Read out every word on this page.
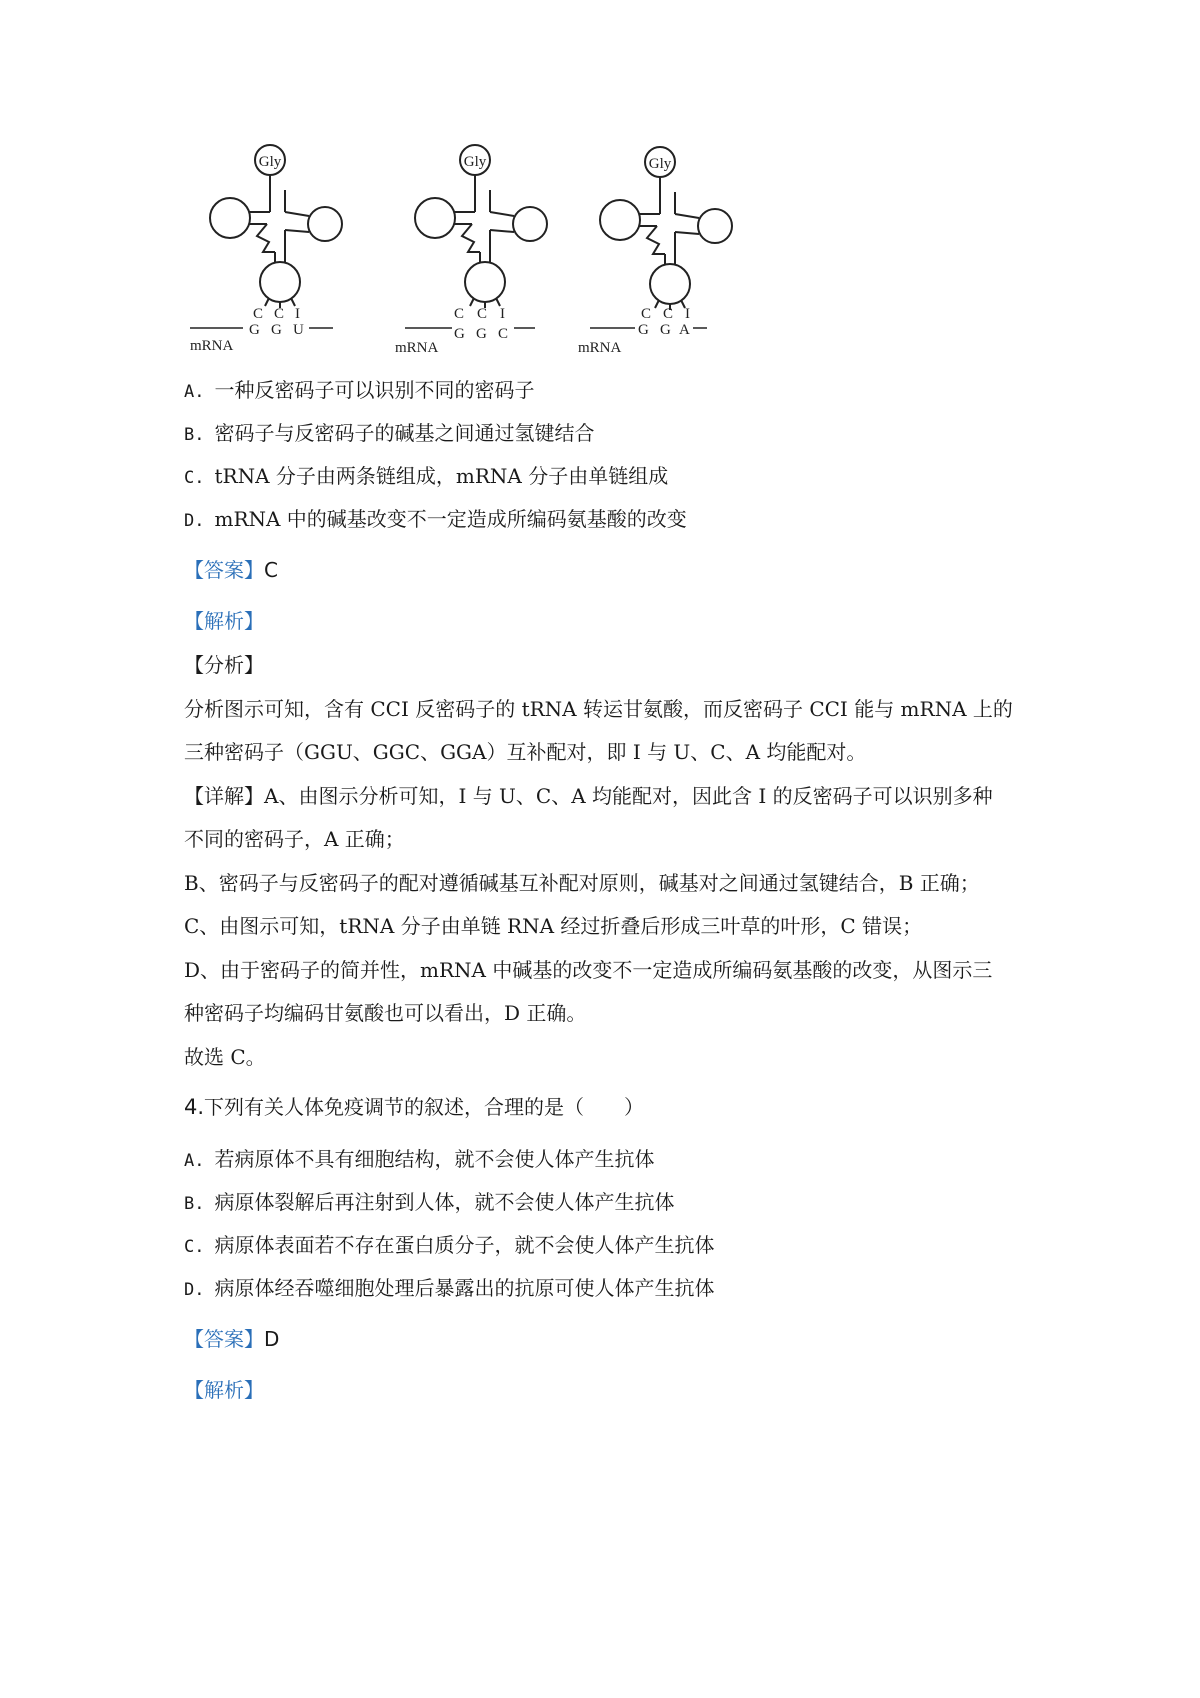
Gly
C C I
G G U
mRNA
Gly
C C I
G G C
mRNA
Gly
C C I
G G A
mRNA
A. 一种反密码子可以识别不同的密码子
B. 密码子与反密码子的碱基之间通过氢键结合
C. tRNA 分子由两条链组成，mRNA 分子由单链组成
D. mRNA 中的碱基改变不一定造成所编码氨基酸的改变
【答案】C
【解析】
【分析】
分析图示可知，含有 CCI 反密码子的 tRNA 转运甘氨酸，而反密码子 CCI 能与 mRNA 上的
三种密码子（GGU、GGC、GGA）互补配对，即 I 与 U、C、A 均能配对。
【详解】A、由图示分析可知，I 与 U、C、A 均能配对，因此含 I 的反密码子可以识别多种
不同的密码子，A 正确；
B、密码子与反密码子的配对遵循碱基互补配对原则，碱基对之间通过氢键结合，B 正确；
C、由图示可知，tRNA 分子由单链 RNA 经过折叠后形成三叶草的叶形，C 错误；
D、由于密码子的简并性，mRNA 中碱基的改变不一定造成所编码氨基酸的改变，从图示三
种密码子均编码甘氨酸也可以看出，D 正确。
故选 C。
4.下列有关人体免疫调节的叙述，合理的是（　　）
A. 若病原体不具有细胞结构，就不会使人体产生抗体
B. 病原体裂解后再注射到人体，就不会使人体产生抗体
C. 病原体表面若不存在蛋白质分子，就不会使人体产生抗体
D. 病原体经吞噬细胞处理后暴露出的抗原可使人体产生抗体
【答案】D
【解析】
